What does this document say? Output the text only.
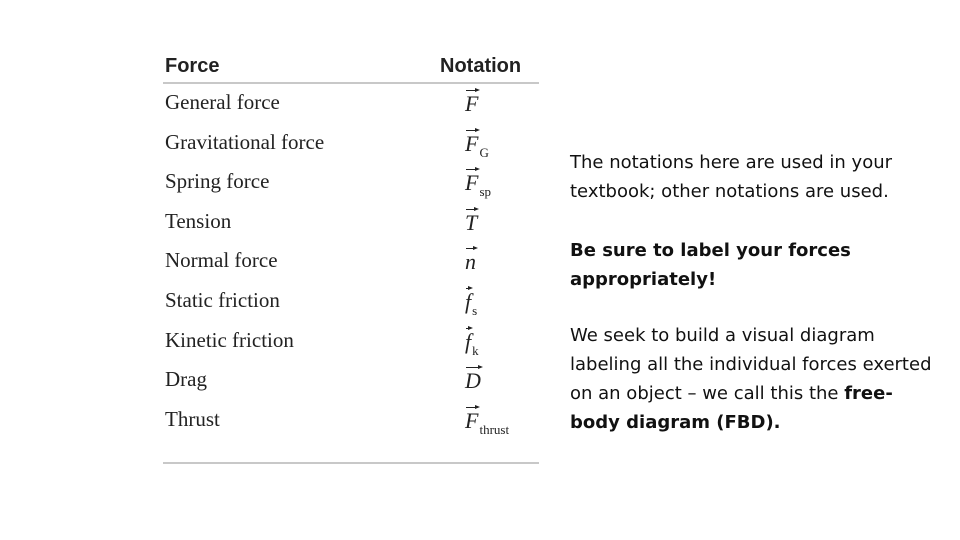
Force	Notation
General force	F
Gravitational force	$F_G$
Spring force	$F_{sp}$
Tension	T
Normal force	n
Static friction	$f_s$
Kinetic friction	$f_k$
Drag	D
Thrust	$F_{thrust}$

The notations here are used in your textbook; other notations are used.

Be sure to label your forces appropriately!

We seek to build a visual diagram labeling all the individual forces exerted on an object – we call this the free-body diagram (FBD).
